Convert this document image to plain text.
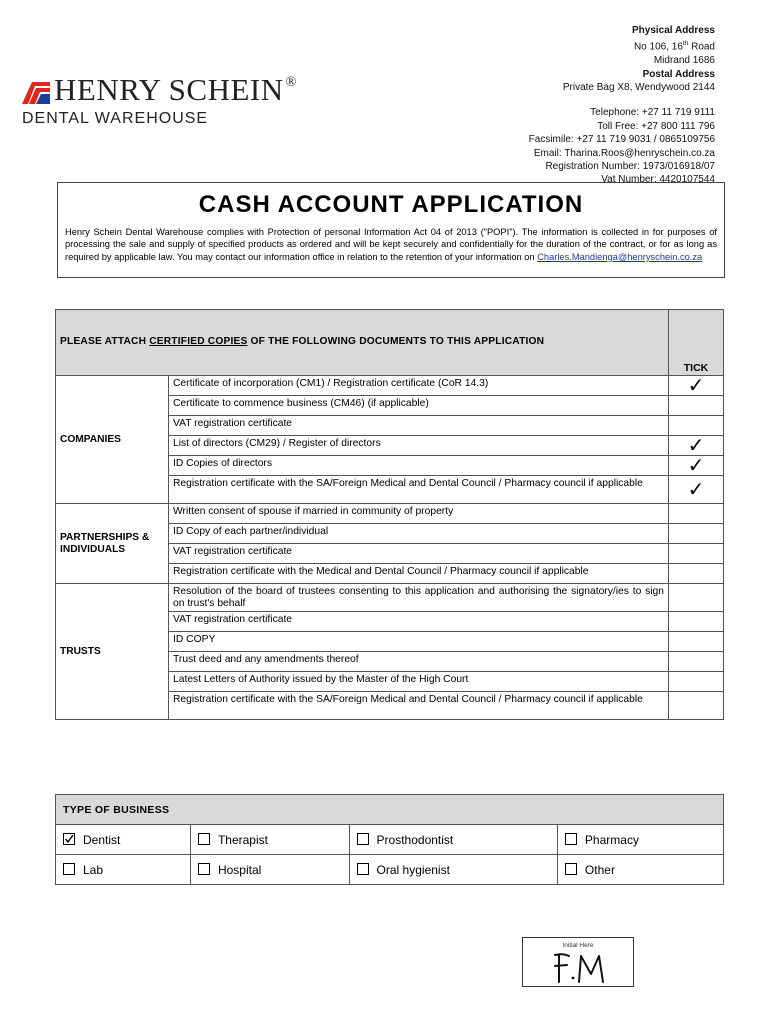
HENRY SCHEIN ®
DENTAL WAREHOUSE
Physical Address
No 106, 16th Road
Midrand 1686
Postal Address
Private Bag X8, Wendywood 2144
Telephone: +27 11 719 9111
Toll Free: +27 800 111 796
Facsimile: +27 11 719 9031 / 0865109756
Email: Tharina.Roos@henryschein.co.za
Registration Number: 1973/016918/07
Vat Number: 4420107544
CASH ACCOUNT APPLICATION
Henry Schein Dental Warehouse complies with Protection of personal Information Act 04 of 2013 ("POPI"). The information is collected in for purposes of processing the sale and supply of specified products as ordered and will be kept securely and confidentially for the duration of the contract, or for as long as required by applicable law. You may contact our information office in relation to the retention of your information on Charles.Mandienga@henryschein.co.za
PLEASE ATTACH CERTIFIED COPIES OF THE FOLLOWING DOCUMENTS TO THIS APPLICATION		TICK
COMPANIES	Certificate of incorporation (CM1) / Registration certificate (CoR 14.3)	✓
	Certificate to commence business (CM46) (if applicable)	
	VAT registration certificate	
	List of directors (CM29) / Register of directors	✓
	ID Copies of directors	✓
	Registration certificate with the SA/Foreign Medical and Dental Council / Pharmacy council if applicable	✓
PARTNERSHIPS &
INDIVIDUALS	Written consent of spouse if married in community of property	
	ID Copy of each partner/individual	
	VAT registration certificate	
	Registration certificate with the Medical and Dental Council / Pharmacy council if applicable	
TRUSTS	Resolution of the board of trustees consenting to this application and authorising the signatory/ies to sign on trust's behalf	
	VAT registration certificate	
	ID COPY	
	Trust deed and any amendments thereof	
	Latest Letters of Authority issued by the Master of the High Court	
	Registration certificate with the SA/Foreign Medical and Dental Council / Pharmacy council if applicable	
TYPE OF BUSINESS			

Dentist	Therapist	Prosthodontist	Pharmacy
Lab	Hospital	Oral hygienist	Other
Initial Here
